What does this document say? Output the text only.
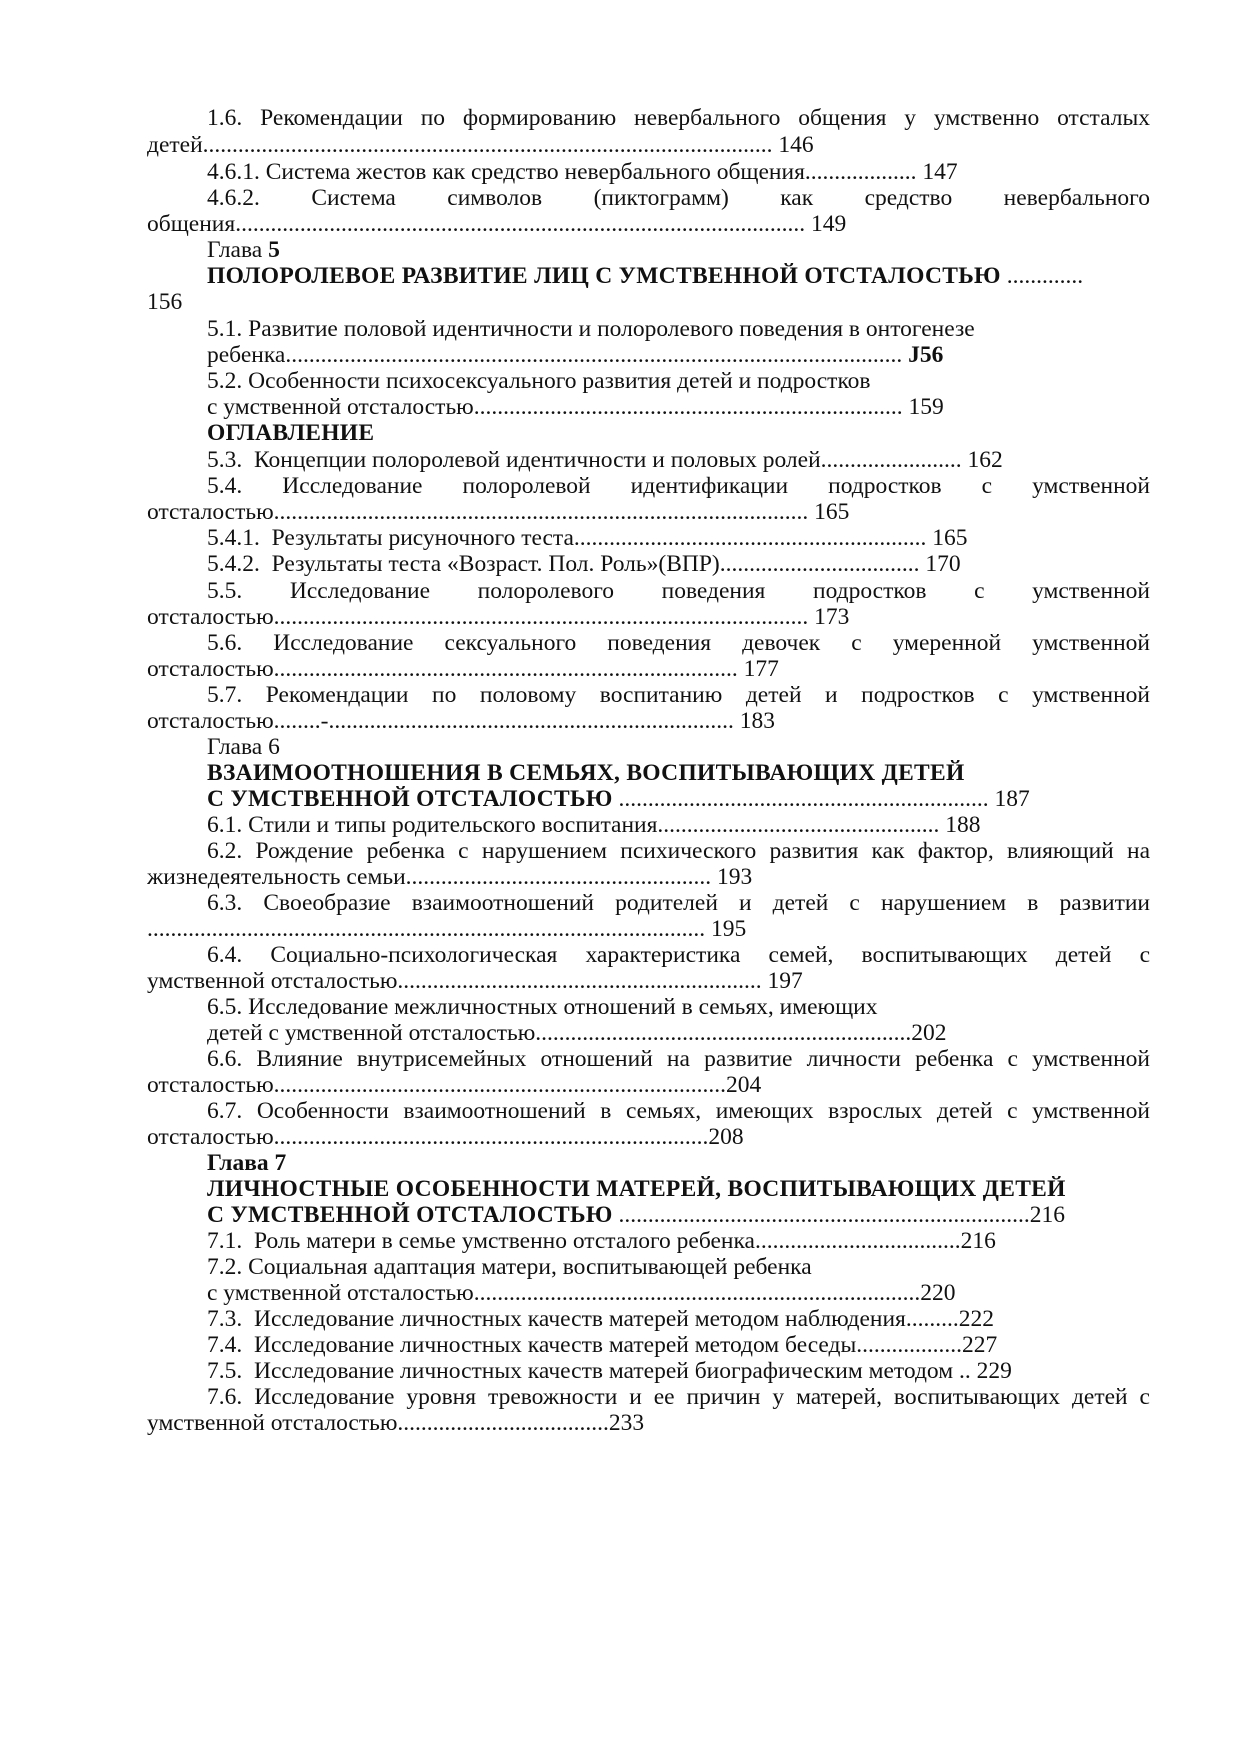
1.6. Рекомендации по формированию невербального общения у умственно отсталых
детей................................................................................................. 146
4.6.1. Система жестов как средство невербального общения................... 147
4.6.2. Система символов (пиктограмм) как средство невербального
общения................................................................................................. 149
Глава 5
ПОЛОРОЛЕВОЕ РАЗВИТИЕ ЛИЦ С УМСТВЕННОЙ ОТСТАЛОСТЬЮ .............
156
5.1. Развитие половой идентичности и полоролевого поведения в онтогенезе
ребенка......................................................................................................... J56
5.2. Особенности психосексуального развития детей и подростков
с умственной отсталостью......................................................................... 159
ОГЛАВЛЕНИЕ
5.3.  Концепции полоролевой идентичности и половых ролей........................ 162
5.4. Исследование полоролевой идентификации подростков с умственной
отсталостью........................................................................................... 165
5.4.1.  Результаты рисуночного теста............................................................ 165
5.4.2.  Результаты теста «Возраст. Пол. Роль»(ВПР).................................. 170
5.5. Исследование полоролевого поведения подростков с умственной
отсталостью........................................................................................... 173
5.6. Исследование сексуального поведения девочек с умеренной умственной
отсталостью............................................................................... 177
5.7. Рекомендации по половому воспитанию детей и подростков с умственной
отсталостью........-..................................................................... 183
Глава 6
ВЗАИМООТНОШЕНИЯ В СЕМЬЯХ, ВОСПИТЫВАЮЩИХ ДЕТЕЙ
С УМСТВЕННОЙ ОТСТАЛОСТЬЮ ............................................................... 187
6.1. Стили и типы родительского воспитания................................................ 188
6.2. Рождение ребенка с нарушением психического развития как фактор, влияющий на
жизнедеятельность семьи.................................................... 193
6.3. Своеобразие взаимоотношений родителей и детей с нарушением в развитии
............................................................................................... 195
6.4. Социально-психологическая характеристика семей, воспитывающих детей с
умственной отсталостью.............................................................. 197
6.5. Исследование межличностных отношений в семьях, имеющих
детей с умственной отсталостью................................................................202
6.6. Влияние внутрисемейных отношений на развитие личности ребенка с умственной
отсталостью.............................................................................204
6.7. Особенности взаимоотношений в семьях, имеющих взрослых детей с умственной
отсталостью..........................................................................208
Глава 7
ЛИЧНОСТНЫЕ ОСОБЕННОСТИ МАТЕРЕЙ, ВОСПИТЫВАЮЩИХ ДЕТЕЙ
С УМСТВЕННОЙ ОТСТАЛОСТЬЮ ......................................................................216
7.1.  Роль матери в семье умственно отсталого ребенка...................................216
7.2. Социальная адаптация матери, воспитывающей ребенка
с умственной отсталостью............................................................................220
7.3.  Исследование личностных качеств матерей методом наблюдения.........222
7.4.  Исследование личностных качеств матерей методом беседы..................227
7.5.  Исследование личностных качеств матерей биографическим методом .. 229
7.6. Исследование уровня тревожности и ее причин у матерей, воспитывающих детей с
умственной отсталостью....................................233
